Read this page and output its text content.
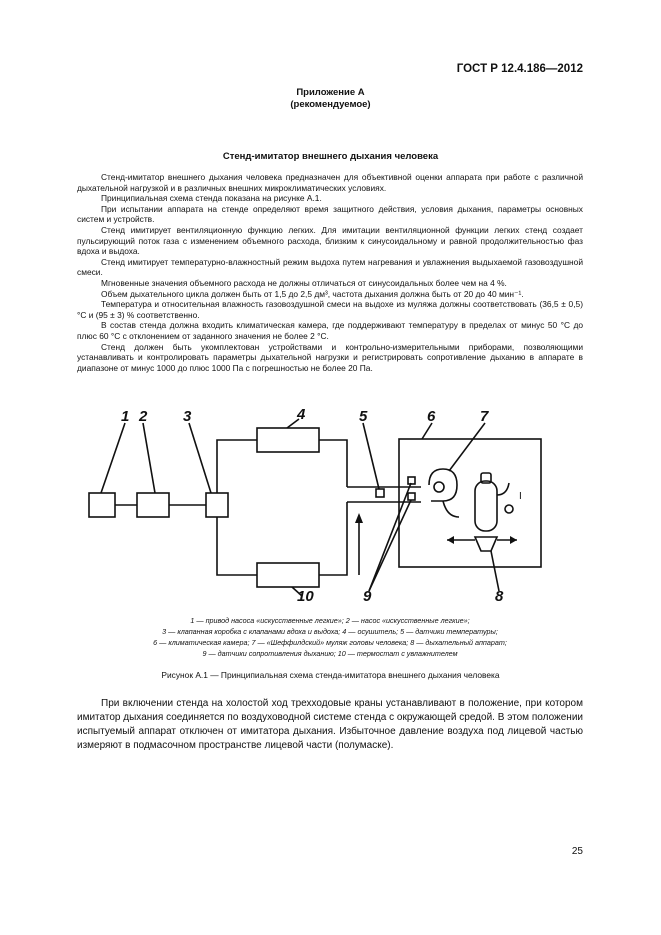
ГОСТ Р 12.4.186—2012
Приложение А
(рекомендуемое)
Стенд-имитатор внешнего дыхания человека

Стенд-имитатор внешнего дыхания человека предназначен для объективной оценки аппарата при работе с различной дыхательной нагрузкой и в различных внешних микроклиматических условиях.

Принципиальная схема стенда показана на рисунке А.1.

При испытании аппарата на стенде определяют время защитного действия, условия дыхания, параметры основных систем и устройств.

Стенд имитирует вентиляционную функцию легких. Для имитации вентиляционной функции легких стенд создает пульсирующий поток газа с изменением объемного расхода, близким к синусоидальному и равной продолжительностью фаз вдоха и выдоха.

Стенд имитирует температурно-влажностный режим выдоха путем нагревания и увлажнения выдыхаемой газовоздушной смеси.

Мгновенные значения объемного расхода не должны отличаться от синусоидальных более чем на 4 %.

Объем дыхательного цикла должен быть от 1,5 до 2,5 дм³, частота дыхания должна быть от 20 до 40 мин⁻¹.

Температура и относительная влажность газовоздушной смеси на выдохе из муляжа должны соответствовать (36,5 ± 0,5) °С и (95 ± 3) % соответственно.

В состав стенда должна входить климатическая камера, где поддерживают температуру в пределах от минус 50 °С до плюс 60 °С с отклонением от заданного значения не более 2 °С.

Стенд должен быть укомплектован устройствами и контрольно-измерительными приборами, позволяющими устанавливать и контролировать параметры дыхательной нагрузки и регистрировать сопротивление дыханию в аппарате в диапазоне от минус 1000 до плюс 1000 Па с погрешностью не более 20 Па.

1 2 3	4	5	6	7
8
9
10
I
1 — привод насоса «искусственные легкие»; 2 — насос «искусственные легкие»;
3 — клапанная коробка с клапанами вдоха и выдоха; 4 — осушитель; 5 — датчики температуры;
6 — климатическая камера; 7 — «Шеффилдский» муляж головы человека; 8 — дыхательный аппарат;
9 — датчики сопротивления дыханию; 10 — термостат с увлажнителем
Рисунок А.1 — Принципиальная схема стенда-имитатора внешнего дыхания человека

При включении стенда на холостой ход трехходовые краны устанавливают в положение, при котором имитатор дыхания соединяется по воздуховодной системе стенда с окружающей средой. В этом положении испытуемый аппарат отключен от имитатора дыхания. Избыточное давление воздуха под лицевой частью измеряют в подмасочном пространстве лицевой части (полумаске).

25
